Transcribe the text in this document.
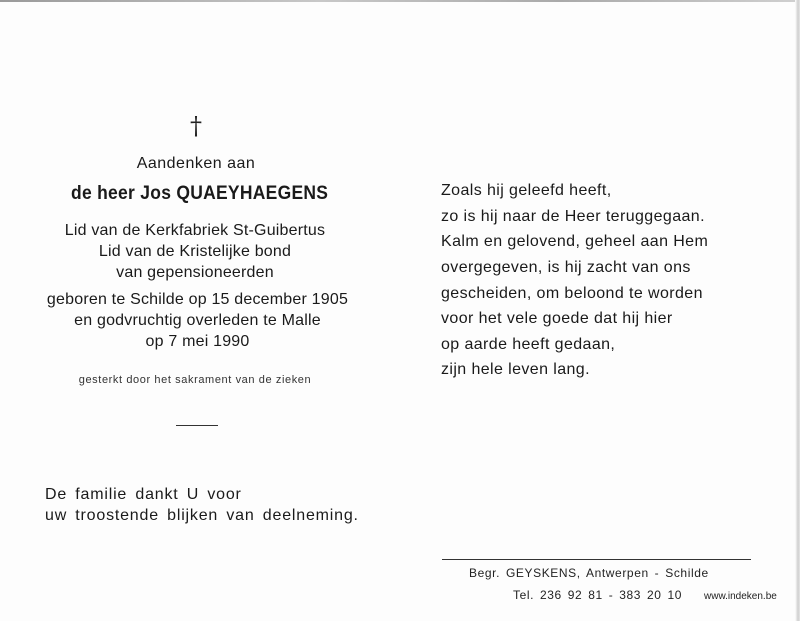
†
Aandenken aan
de heer Jos QUAEYHAEGENS
Lid van de Kerkfabriek St-Guibertus
Lid van de Kristelijke bond
van gepensioneerden
geboren te Schilde op 15 december 1905
en godvruchtig overleden te Malle
op 7 mei 1990
gesterkt door het sakrament van de zieken
De familie dankt U voor
uw troostende blijken van deelneming.
Zoals hij geleefd heeft,
zo is hij naar de Heer teruggegaan.
Kalm en gelovend, geheel aan Hem
overgegeven, is hij zacht van ons
gescheiden, om beloond te worden
voor het vele goede dat hij hier
op aarde heeft gedaan,
zijn hele leven lang.
Begr. GEYSKENS, Antwerpen - Schilde
Tel. 236 92 81 - 383 20 10 www.indeken.be
